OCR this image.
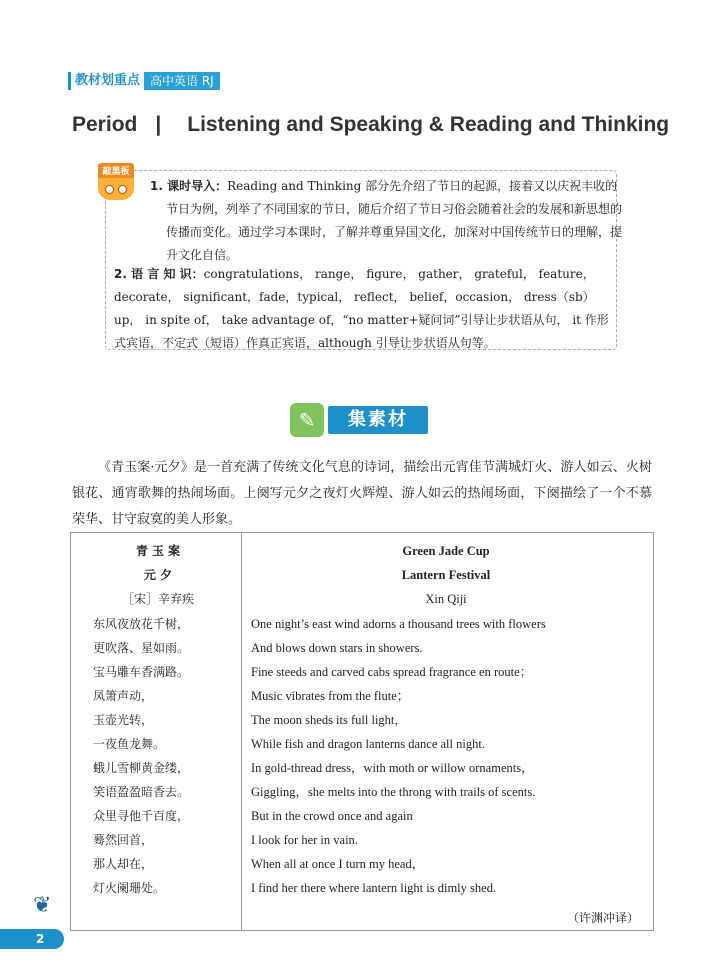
教材划重点 高中英语 RJ
Period | Listening and Speaking & Reading and Thinking
敲黑板
1. 课时导入：Reading and Thinking 部分先介绍了节日的起源，接着又以庆祝丰收的节日为例，列举了不同国家的节日，随后介绍了节日习俗会随着社会的发展和新思想的传播而变化。通过学习本课时，了解并尊重异国文化，加深对中国传统节日的理解，提升文化自信。
2. 语 言 知 识：congratulations， range， figure， gather， grateful， feature， decorate， significant，fade，typical， reflect， belief，occasion， dress（sb）up， in spite of， take advantage of，“no matter+疑问词”引导让步状语从句， it 作形式宾语，不定式（短语）作真正宾语，although 引导让步状语从句等。
✎	集素材
《青玉案·元夕》是一首充满了传统文化气息的诗词，描绘出元宵佳节满城灯火、游人如云、火树银花、通宵歌舞的热闹场面。上阕写元夕之夜灯火辉煌、游人如云的热闹场面，下阕描绘了一个不慕荣华、甘守寂寞的美人形象。
青 玉 案
元 夕
［宋］辛弃疾
Green Jade Cup
Lantern Festival
Xin Qiji
东风夜放花千树，
更吹落、星如雨。
宝马雕车香满路。
凤箫声动，
玉壶光转，
一夜鱼龙舞。
蛾儿雪柳黄金缕，
笑语盈盈暗香去。
众里寻他千百度，
蓦然回首，
那人却在，
灯火阑珊处。
One night’s east wind adorns a thousand trees with flowers
And blows down stars in showers.
Fine steeds and carved cabs spread fragrance en route；
Music vibrates from the flute；
The moon sheds its full light，
While fish and dragon lanterns dance all night.
In gold-thread dress，with moth or willow ornaments，
Giggling，she melts into the throng with trails of scents.
But in the crowd once and again
I look for her in vain.
When all at once I turn my head，
I find her there where lantern light is dimly shed.
（许渊冲译）
❦
2
